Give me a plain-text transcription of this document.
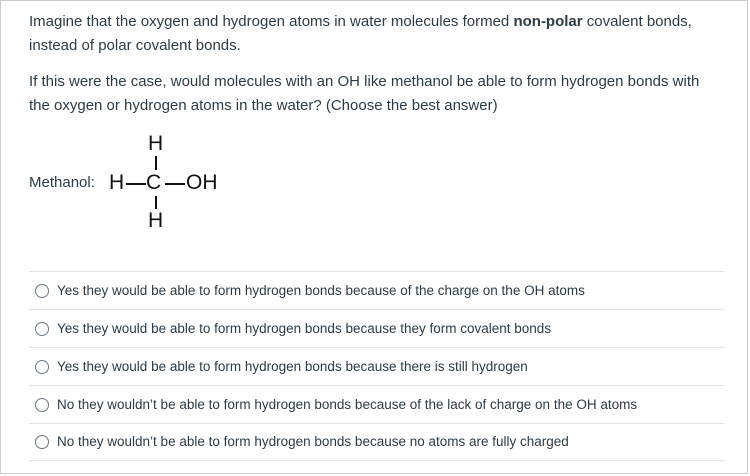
Imagine that the oxygen and hydrogen atoms in water molecules formed non-polar covalent bonds, instead of polar covalent bonds.

If this were the case, would molecules with an OH like methanol be able to form hydrogen bonds with the oxygen or hydrogen atoms in the water? (Choose the best answer)

Methanol:
H
H C OH
H
Yes they would be able to form hydrogen bonds because of the charge on the OH atoms
Yes they would be able to form hydrogen bonds because they form covalent bonds
Yes they would be able to form hydrogen bonds because there is still hydrogen
No they wouldn’t be able to form hydrogen bonds because of the lack of charge on the OH atoms
No they wouldn’t be able to form hydrogen bonds because no atoms are fully charged
